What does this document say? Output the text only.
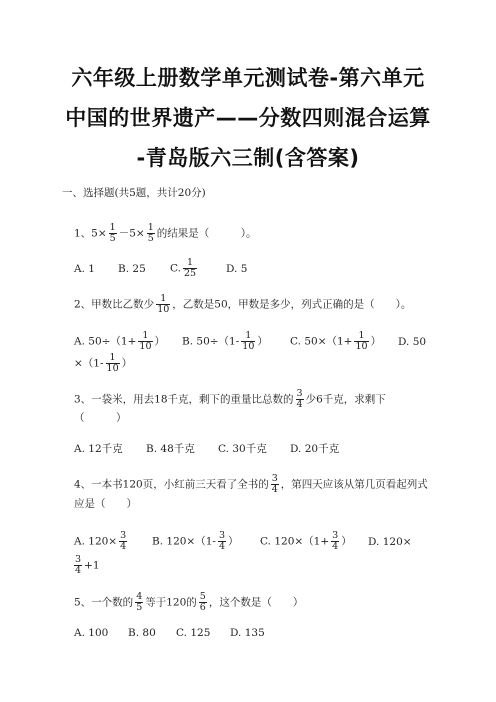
六年级上册数学单元测试卷-第六单元
中国的世界遗产——分数四则混合运算
-青岛版六三制(含答案)
一、选择题(共5题，共计20分)
1、$5\times \frac{1}{5} -5\times \frac{1}{5}$ 的结果是（　　　）。
A. 1 B. 25 C. $\frac{1}{25}$	D. 5
2、甲数比乙数少 $\frac{1}{10}$ ，乙数是50，甲数是多少，列式正确的是（　　）。
A. $50\div(1+ \frac{1}{10}$ ） B. $50\div(1- \frac{1}{10}$ ） C. $50\times(1+ \frac{1}{10}$ ） D. 50
$\times(1- \frac{1}{10}$ ）
3、一袋米，用去18千克，剩下的重量比总数的 $\frac{3}{4}$ 少6千克，求剩下
（　　　）
A. 12千克 B. 48千克 C. 30千克 D. 20千克
4、一本书120页，小红前三天看了全书的 $\frac{3}{4}$ ，第四天应该从第几页看起列式
应是（　　）
A. $120\times \frac{3}{4} B$. $120\times(1- \frac{3}{4}$ ） C. $120\times(1+ \frac{3}{4}$ ） D. 120×
$\frac{3}{4} +1$
5、一个数的 $\frac{4}{5}$ 等于120的 $\frac{5}{6}$ ，这个数是（　　）
A. 100 B. 80 C. 125 D. 135
